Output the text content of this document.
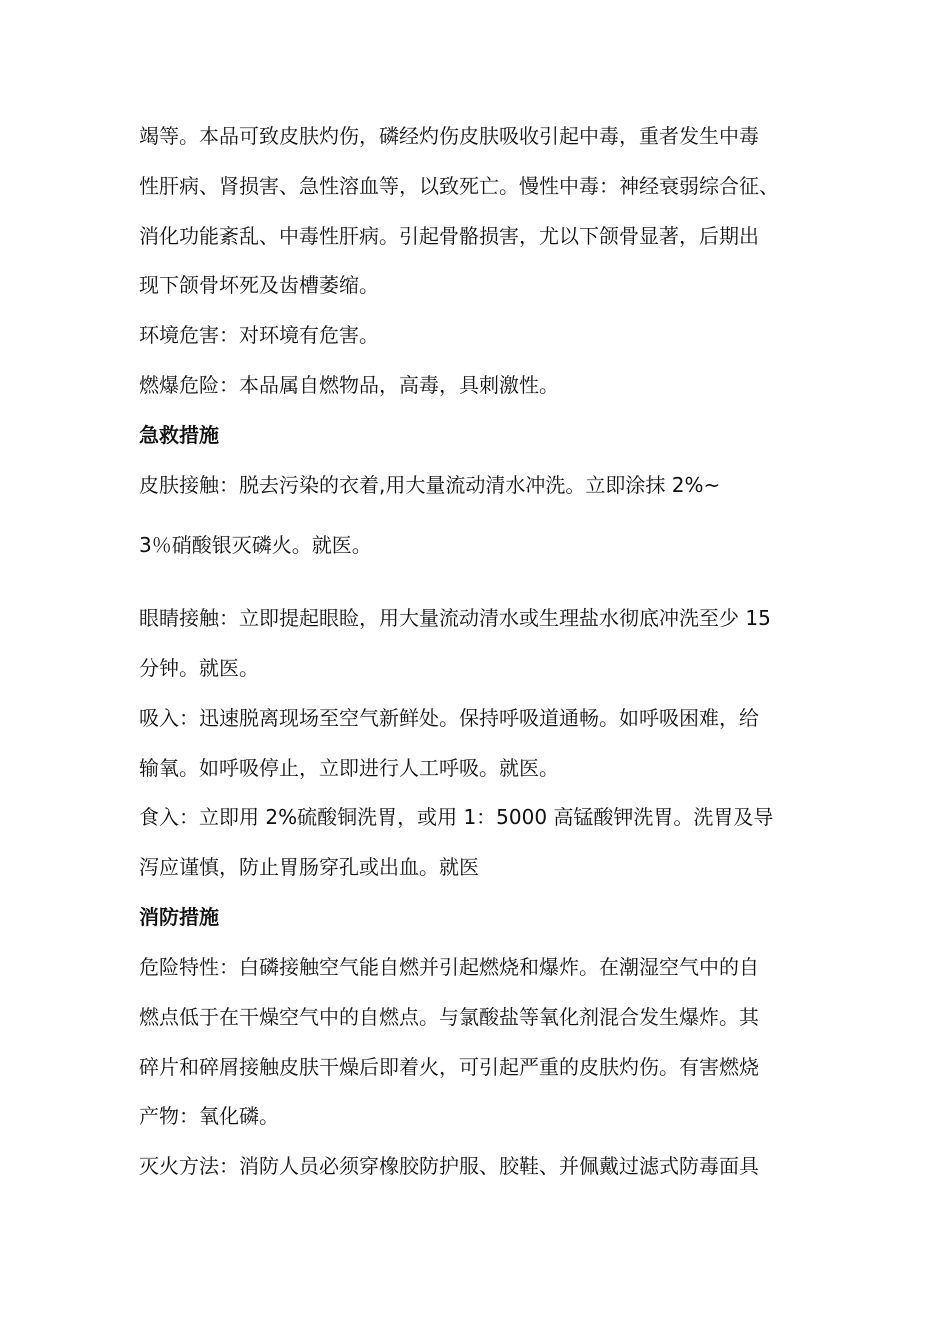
竭等。本品可致皮肤灼伤，磷经灼伤皮肤吸收引起中毒，重者发生中毒
性肝病、肾损害、急性溶血等，以致死亡。慢性中毒：神经衰弱综合征、
消化功能紊乱、中毒性肝病。引起骨骼损害，尤以下颌骨显著，后期出
现下颌骨坏死及齿槽萎缩。
环境危害：对环境有危害。
燃爆危险：本品属自燃物品，高毒，具刺激性。
急救措施
皮肤接触：脱去污染的衣着,用大量流动清水冲洗。立即涂抹 2%~
3％硝酸银灭磷火。就医。
眼睛接触：立即提起眼睑，用大量流动清水或生理盐水彻底冲洗至少 15
分钟。就医。
吸入：迅速脱离现场至空气新鲜处。保持呼吸道通畅。如呼吸困难，给
输氧。如呼吸停止，立即进行人工呼吸。就医。
食入：立即用 2%硫酸铜洗胃，或用 1：5000 高锰酸钾洗胃。洗胃及导
泻应谨慎，防止胃肠穿孔或出血。就医
消防措施
危险特性：白磷接触空气能自燃并引起燃烧和爆炸。在潮湿空气中的自
燃点低于在干燥空气中的自燃点。与氯酸盐等氧化剂混合发生爆炸。其
碎片和碎屑接触皮肤干燥后即着火，可引起严重的皮肤灼伤。有害燃烧
产物：氧化磷。
灭火方法：消防人员必须穿橡胶防护服、胶鞋、并佩戴过滤式防毒面具
